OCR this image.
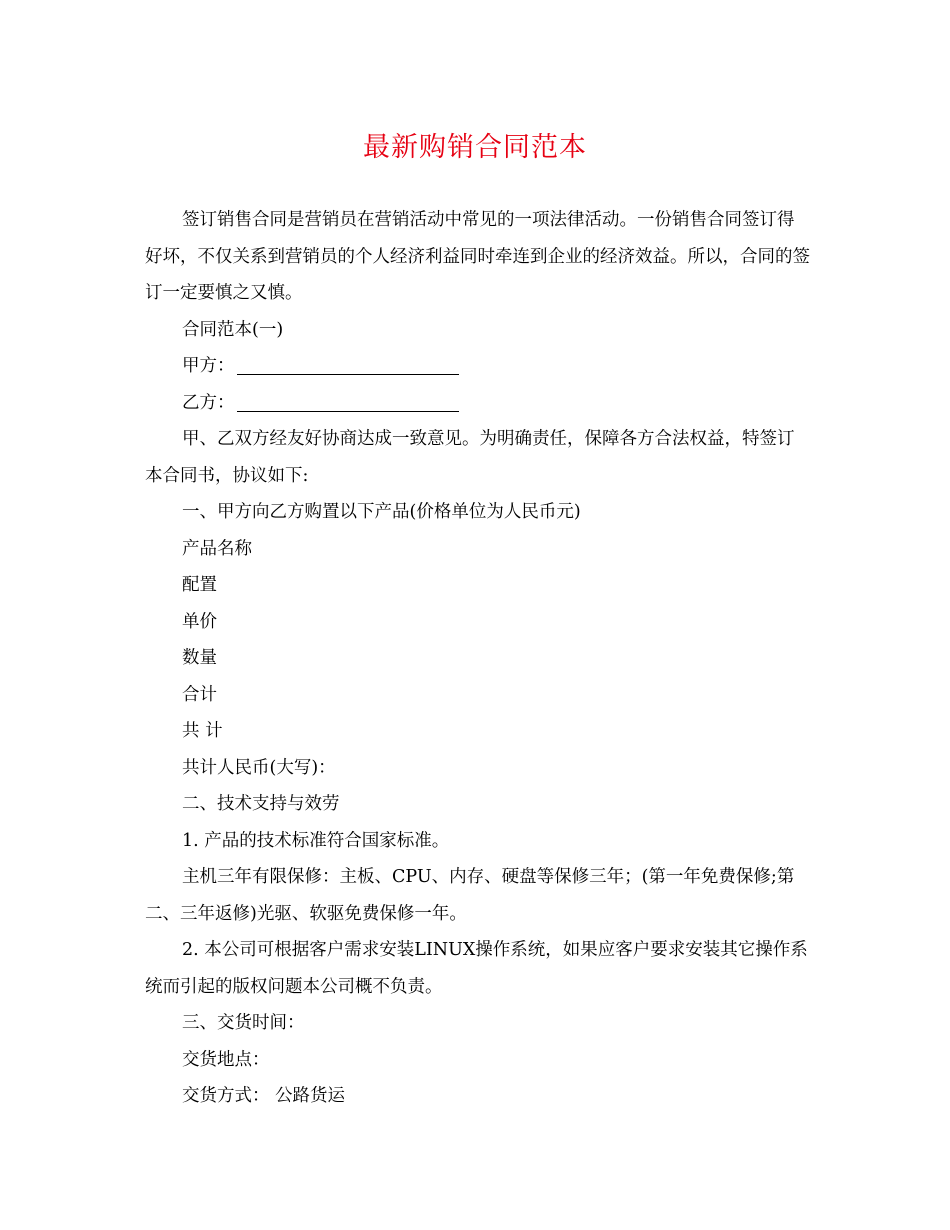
最新购销合同范本

签订销售合同是营销员在营销活动中常见的一项法律活动。一份销售合同签订得好坏，不仅关系到营销员的个人经济利益同时牵连到企业的经济效益。所以，合同的签订一定要慎之又慎。

合同范本(一)

甲方：

乙方：

甲、乙双方经友好协商达成一致意见。为明确责任，保障各方合法权益，特签订本合同书，协议如下:

一、甲方向乙方购置以下产品(价格单位为人民币元)

产品名称

配置

单价

数量

合计

共 计

共计人民币(大写)：

二、技术支持与效劳

1. 产品的技术标准符合国家标准。

主机三年有限保修：主板、CPU、内存、硬盘等保修三年；(第一年免费保修;第二、三年返修)光驱、软驱免费保修一年。

2. 本公司可根据客户需求安装LINUX操作系统，如果应客户要求安装其它操作系统而引起的版权问题本公司概不负责。

三、交货时间：

交货地点：

交货方式： 公路货运
